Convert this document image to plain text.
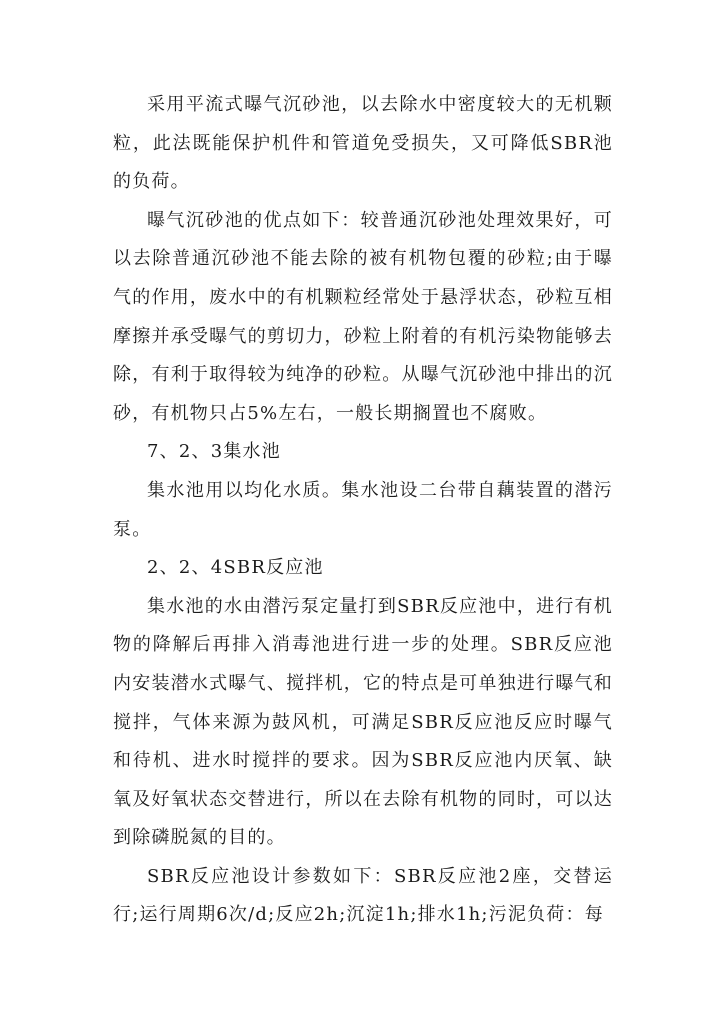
采用平流式曝气沉砂池，以去除水中密度较大的无机颗粒，此法既能保护机件和管道免受损失，又可降低SBR池的负荷。

曝气沉砂池的优点如下：较普通沉砂池处理效果好，可以去除普通沉砂池不能去除的被有机物包覆的砂粒;由于曝气的作用，废水中的有机颗粒经常处于悬浮状态，砂粒互相摩擦并承受曝气的剪切力，砂粒上附着的有机污染物能够去除，有利于取得较为纯净的砂粒。从曝气沉砂池中排出的沉砂，有机物只占5%左右，一般长期搁置也不腐败。

7、2、3集水池

集水池用以均化水质。集水池设二台带自藕装置的潜污泵。

2、2、4SBR反应池

集水池的水由潜污泵定量打到SBR反应池中，进行有机物的降解后再排入消毒池进行进一步的处理。SBR反应池内安装潜水式曝气、搅拌机，它的特点是可单独进行曝气和搅拌，气体来源为鼓风机，可满足SBR反应池反应时曝气和待机、进水时搅拌的要求。因为SBR反应池内厌氧、缺氧及好氧状态交替进行，所以在去除有机物的同时，可以达到除磷脱氮的目的。

SBR反应池设计参数如下：SBR反应池2座，交替运行;运行周期6次/d;反应2h;沉淀1h;排水1h;污泥负荷：每
